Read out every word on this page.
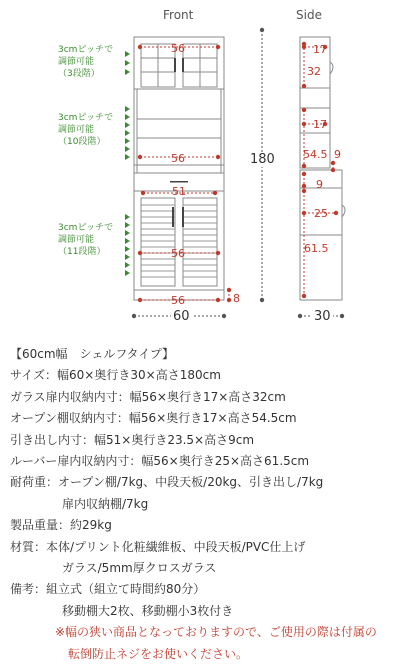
Front	Side
3cmピッチで
調節可能
（3段階）
3cmピッチで
調節可能
（10段階）
3cmピッチで
調節可能
（11段階）
56
56
51
56
56	8
17
32
17
54.5 9
9
25
61.5
180
60	30
【60cm幅　シェルフタイプ】
サイズ：幅60×奥行き30×高さ180cm
ガラス扉内収納内寸：幅56×奥行き17×高さ32cm
オープン棚収納内寸：幅56×奥行き17×高さ54.5cm
引き出し内寸：幅51×奥行き23.5×高さ9cm
ルーバー扉内収納内寸：幅56×奥行き25×高さ61.5cm
耐荷重：オープン棚/7kg、中段天板/20kg、引き出し/7kg
扉内収納棚/7kg
製品重量：約29kg
材質：本体/プリント化粧繊維板、中段天板/PVC仕上げ
ガラス/5mm厚クロスガラス
備考：組立式（組立て時間約80分）
移動棚大2枚、移動棚小3枚付き
※幅の狭い商品となっておりますので、ご使用の際は付属の
転倒防止ネジをお使いください。
